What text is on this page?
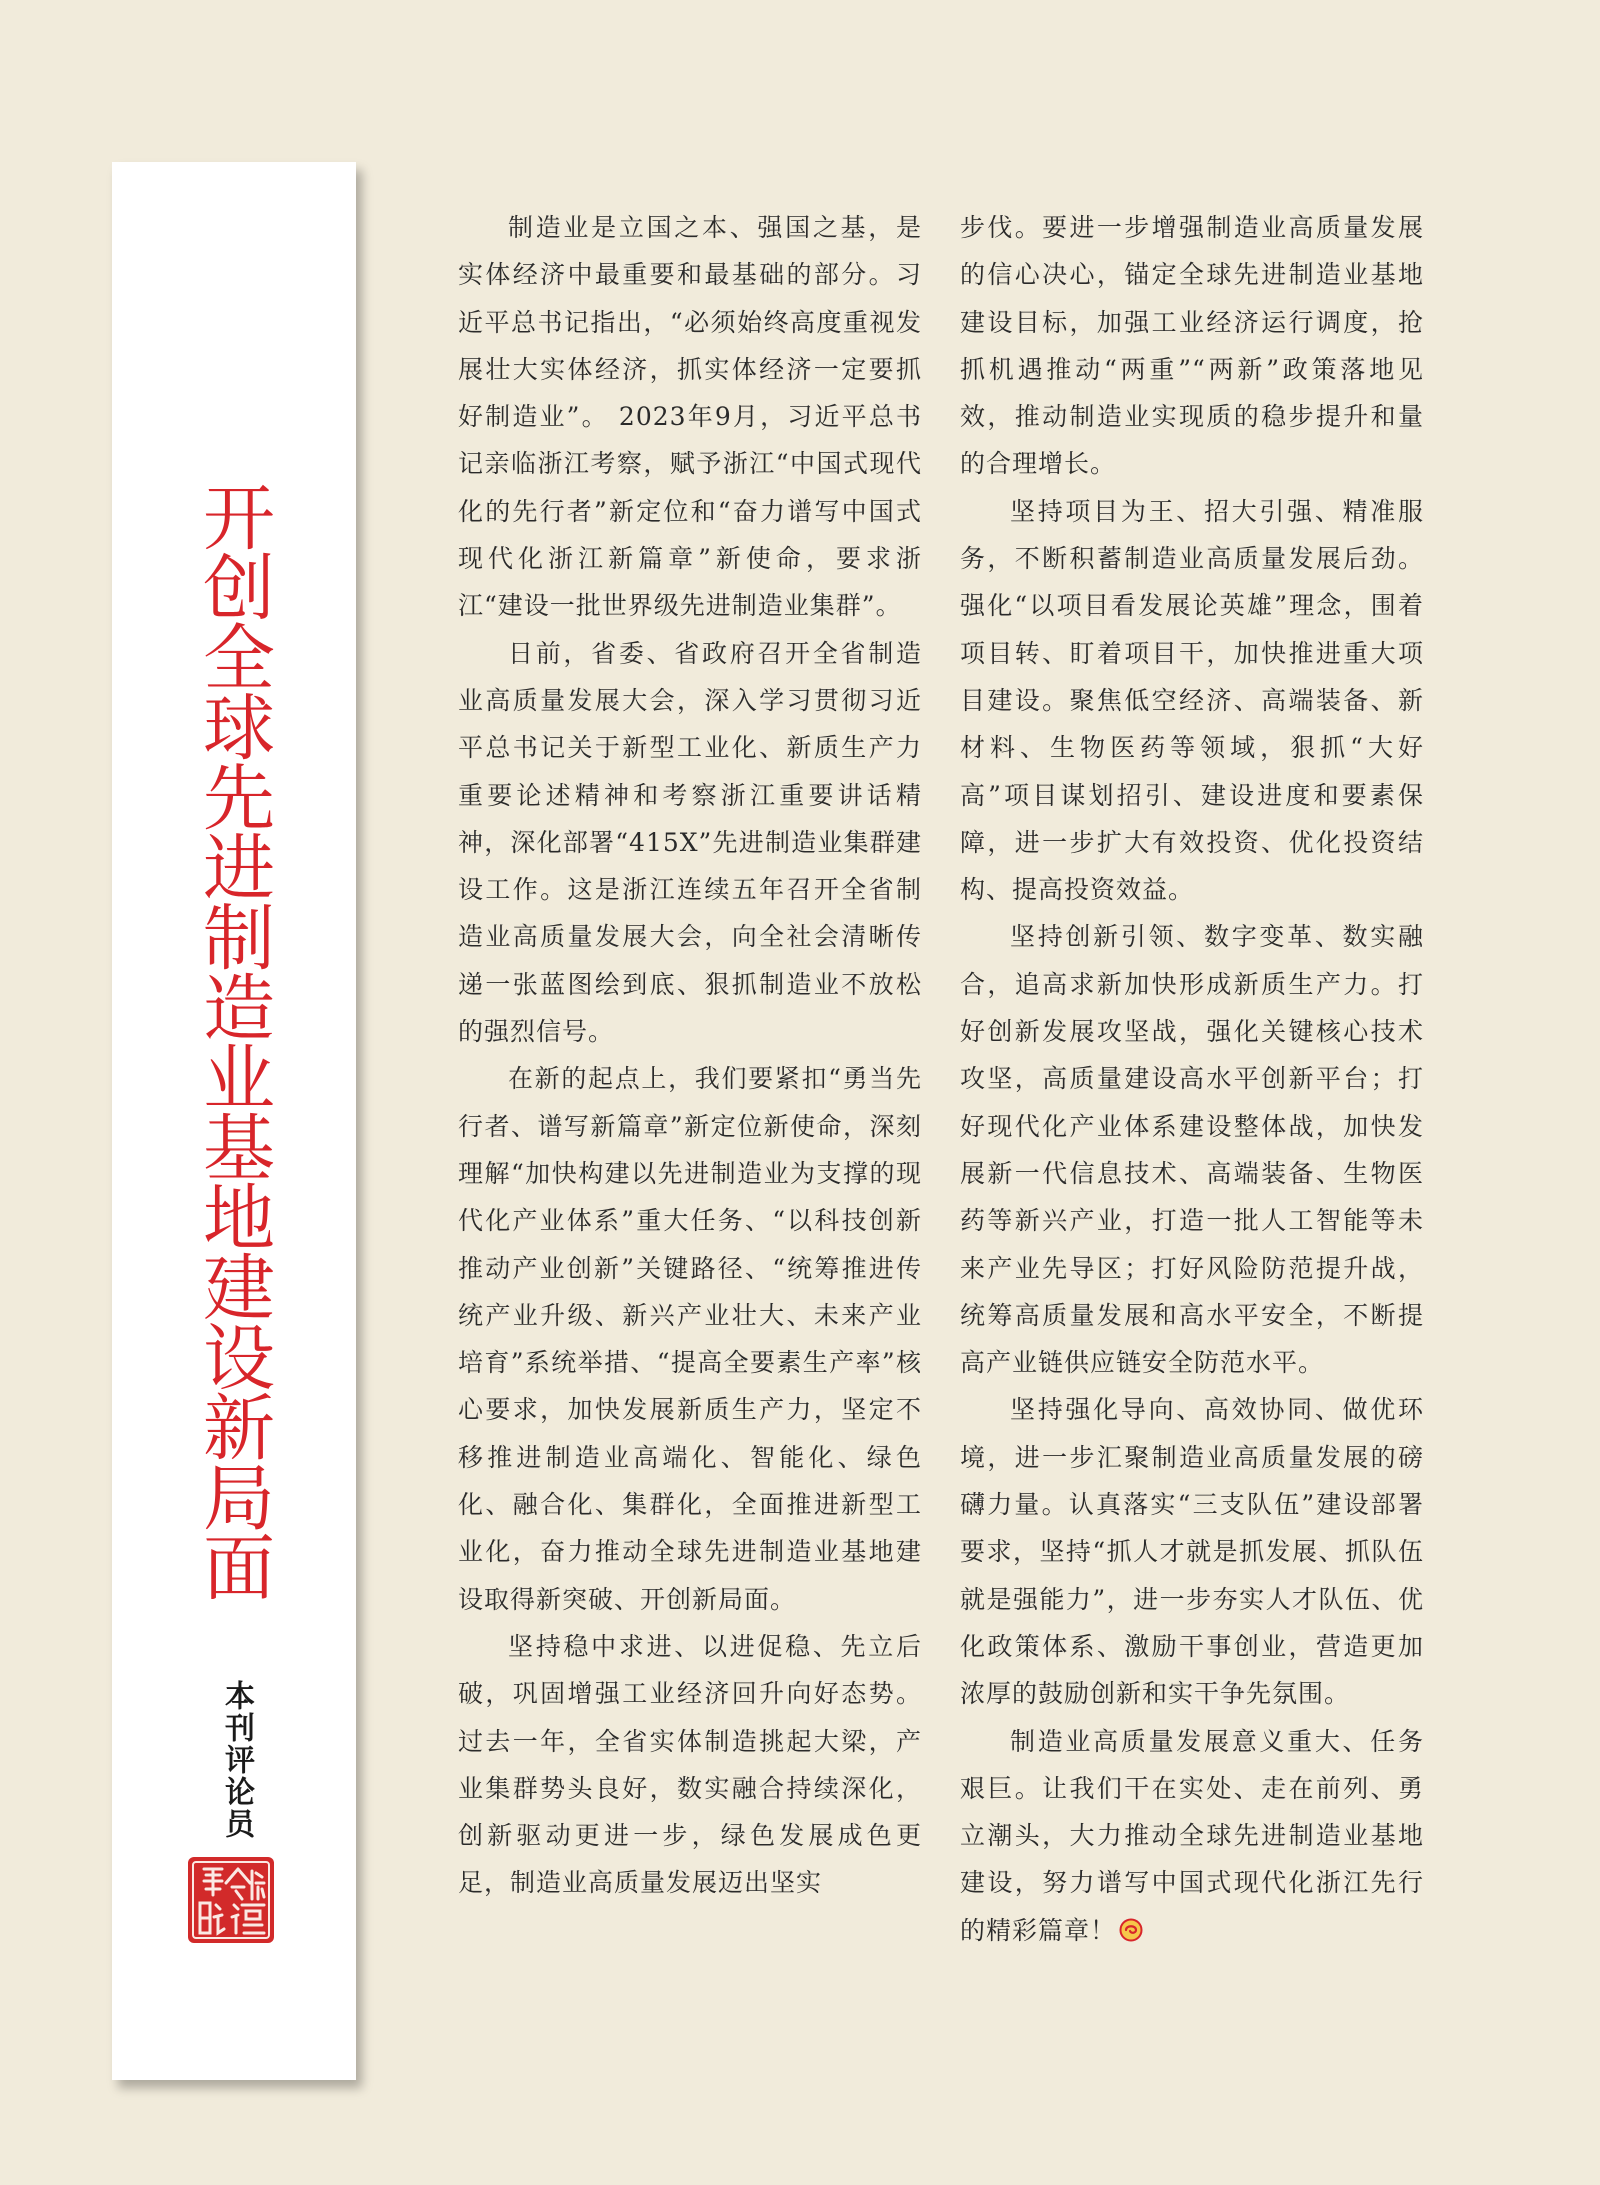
开创全球先进制造业基地建设新局面
本刊评论员

制造业是立国之本、强国之基，是实体经济中最重要和最基础的部分。习近平总书记指出，“必须始终高度重视发展壮大实体经济，抓实体经济一定要抓好制造业”。 2023年9月，习近平总书记亲临浙江考察，赋予浙江“中国式现代化的先行者”新定位和“奋力谱写中国式现代化浙江新篇章”新使命，要求浙江“建设一批世界级先进制造业集群”。

日前，省委、省政府召开全省制造业高质量发展大会，深入学习贯彻习近平总书记关于新型工业化、新质生产力重要论述精神和考察浙江重要讲话精神，深化部署“415X”先进制造业集群建设工作。这是浙江连续五年召开全省制造业高质量发展大会，向全社会清晰传递一张蓝图绘到底、狠抓制造业不放松的强烈信号。

在新的起点上，我们要紧扣“勇当先行者、谱写新篇章”新定位新使命，深刻理解“加快构建以先进制造业为支撑的现代化产业体系”重大任务、“以科技创新推动产业创新”关键路径、“统筹推进传统产业升级、新兴产业壮大、未来产业培育”系统举措、“提高全要素生产率”核心要求，加快发展新质生产力，坚定不移推进制造业高端化、智能化、绿色化、融合化、集群化，全面推进新型工业化，奋力推动全球先进制造业基地建设取得新突破、开创新局面。

坚持稳中求进、以进促稳、先立后破，巩固增强工业经济回升向好态势。过去一年，全省实体制造挑起大梁，产业集群势头良好，数实融合持续深化，创新驱动更进一步，绿色发展成色更足，制造业高质量发展迈出坚实

步伐。要进一步增强制造业高质量发展的信心决心，锚定全球先进制造业基地建设目标，加强工业经济运行调度，抢抓机遇推动“两重”“两新”政策落地见效，推动制造业实现质的稳步提升和量的合理增长。

坚持项目为王、招大引强、精准服务，不断积蓄制造业高质量发展后劲。强化“以项目看发展论英雄”理念，围着项目转、盯着项目干，加快推进重大项目建设。聚焦低空经济、高端装备、新材料、生物医药等领域，狠抓“大好高”项目谋划招引、建设进度和要素保障，进一步扩大有效投资、优化投资结构、提高投资效益。

坚持创新引领、数字变革、数实融合，追高求新加快形成新质生产力。打好创新发展攻坚战，强化关键核心技术攻坚，高质量建设高水平创新平台；打好现代化产业体系建设整体战，加快发展新一代信息技术、高端装备、生物医药等新兴产业，打造一批人工智能等未来产业先导区；打好风险防范提升战，统筹高质量发展和高水平安全，不断提高产业链供应链安全防范水平。

坚持强化导向、高效协同、做优环境，进一步汇聚制造业高质量发展的磅礴力量。认真落实“三支队伍”建设部署要求，坚持“抓人才就是抓发展、抓队伍就是强能力”，进一步夯实人才队伍、优化政策体系、激励干事创业，营造更加浓厚的鼓励创新和实干争先氛围。

制造业高质量发展意义重大、任务艰巨。让我们干在实处、走在前列、勇立潮头，大力推动全球先进制造业基地建设，努力谱写中国式现代化浙江先行的精彩篇章！
